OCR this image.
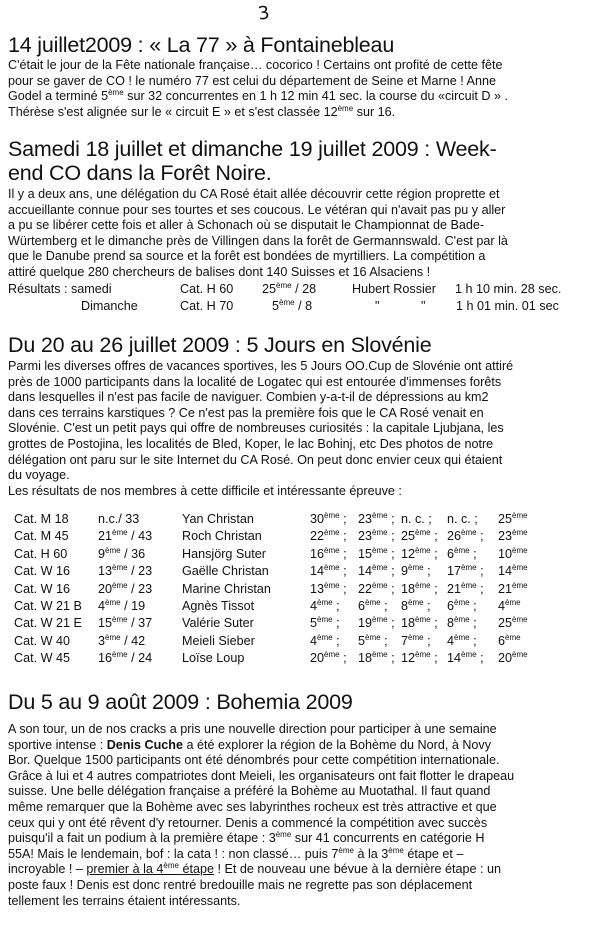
3
14 juillet2009 : « La 77 » à Fontainebleau
C'était le jour de la Fête nationale française… cocorico ! Certains ont profité de cette fête
pour se gaver de CO ! le numéro 77 est celui du département de Seine et Marne ! Anne
Godel a terminé 5ème sur 32 concurrentes en 1 h 12 min 41 sec. la course du «circuit D » .
Thérèse s'est alignée sur le « circuit E » et s'est classée 12ème sur 16.
Samedi 18 juillet et dimanche 19 juillet 2009 : Week-
end CO dans la Forêt Noire.
Il y a deux ans, une délégation du CA Rosé était allée découvrir cette région proprette et
accueillante connue pour ses tourtes et ses coucous. Le vétéran qui n'avait pas pu y aller
a pu se libérer cette fois et aller à Schonach où se disputait le Championnat de Bade-
Würtemberg et le dimanche près de Villingen dans la forêt de Germannswald. C'est par là
que le Danube prend sa source et la forêt est bondées de myrtilliers. La compétition a
attiré quelque 280 chercheurs de balises dont 140 Suisses et 16 Alsaciens !
Résultats : samedi	Cat. H 60 25ème / 28	Hubert Rossier 1 h 10 min. 28 sec.
Dimanche	Cat. H 70	5ème / 8	"	" 1 h 01 min. 01 sec
Du 20 au 26 juillet 2009 : 5 Jours en Slovénie
Parmi les diverses offres de vacances sportives, les 5 Jours OO.Cup de Slovénie ont attiré
près de 1000 participants dans la localité de Logatec qui est entourée d'immenses forêts
dans lesquelles il n'est pas facile de naviguer. Combien y-a-t-il de dépressions au km2
dans ces terrains karstiques ? Ce n'est pas la première fois que le CA Rosé venait en
Slovénie. C'est un petit pays qui offre de nombreuses curiosités : la capitale Ljubjana, les
grottes de Postojina, les localités de Bled, Koper, le lac Bohinj, etc Des photos de notre
délégation ont paru sur le site Internet du CA Rosé. On peut donc envier ceux qui étaient
du voyage.
Les résultats de nos membres à cette difficile et intéressante épreuve :
Cat. M 18 n.c./ 33	Yan Christan	30ème ; 23ème ; n. c. ; n. c. ; 25ème
Cat. M 45 21ème / 43 Roch Christan	22ème ; 23ème ; 25ème ; 26ème ; 23ème
Cat. H 60 9ème / 36	Hansjörg Suter	16ème ; 15ème ; 12ème ; 6ème ; 10ème
Cat. W 16 13ème / 23 Gaëlle Christan	14ème ; 14ème ; 9ème ; 17ème ; 14ème
Cat. W 16 20ème / 23 Marine Christan	13ème ; 22ème ; 18ème ; 21ème ; 21ème
Cat. W 21 B 4ème / 19	Agnès Tissot	4ème ; 6ème ; 8ème ; 6ème ; 4ème
Cat. W 21 E 15ème / 37 Valérie Suter	5ème ; 19ème ; 18ème ; 8ème ; 25ème
Cat. W 40 3ème / 42	Meieli Sieber	4ème ; 5ème ; 7ème ; 4ème ; 6ème
Cat. W 45 16ème / 24 Loïse Loup	20ème ; 18ème ; 12ème ; 14ème ; 20ème
Du 5 au 9 août 2009 : Bohemia 2009
A son tour, un de nos cracks a pris une nouvelle direction pour participer à une semaine
sportive intense : Denis Cuche a été explorer la région de la Bohème du Nord, à Novy
Bor. Quelque 1500 participants ont été dénombrés pour cette compétition internationale.
Grâce à lui et 4 autres compatriotes dont Meieli, les organisateurs ont fait flotter le drapeau
suisse. Une belle délégation française a préféré la Bohème au Muotathal. Il faut quand
même remarquer que la Bohème avec ses labyrinthes rocheux est très attractive et que
ceux qui y ont été rêvent d'y retourner. Denis a commencé la compétition avec succès
puisqu'il a fait un podium à la première étape : 3ème sur 41 concurrents en catégorie H
55A! Mais le lendemain, bof : la cata ! : non classé… puis 7ème à la 3ème étape et –
incroyable ! – premier à la 4ème étape ! Et de nouveau une bévue à la dernière étape : un
poste faux ! Denis est donc rentré bredouille mais ne regrette pas son déplacement
tellement les terrains étaient intéressants.
